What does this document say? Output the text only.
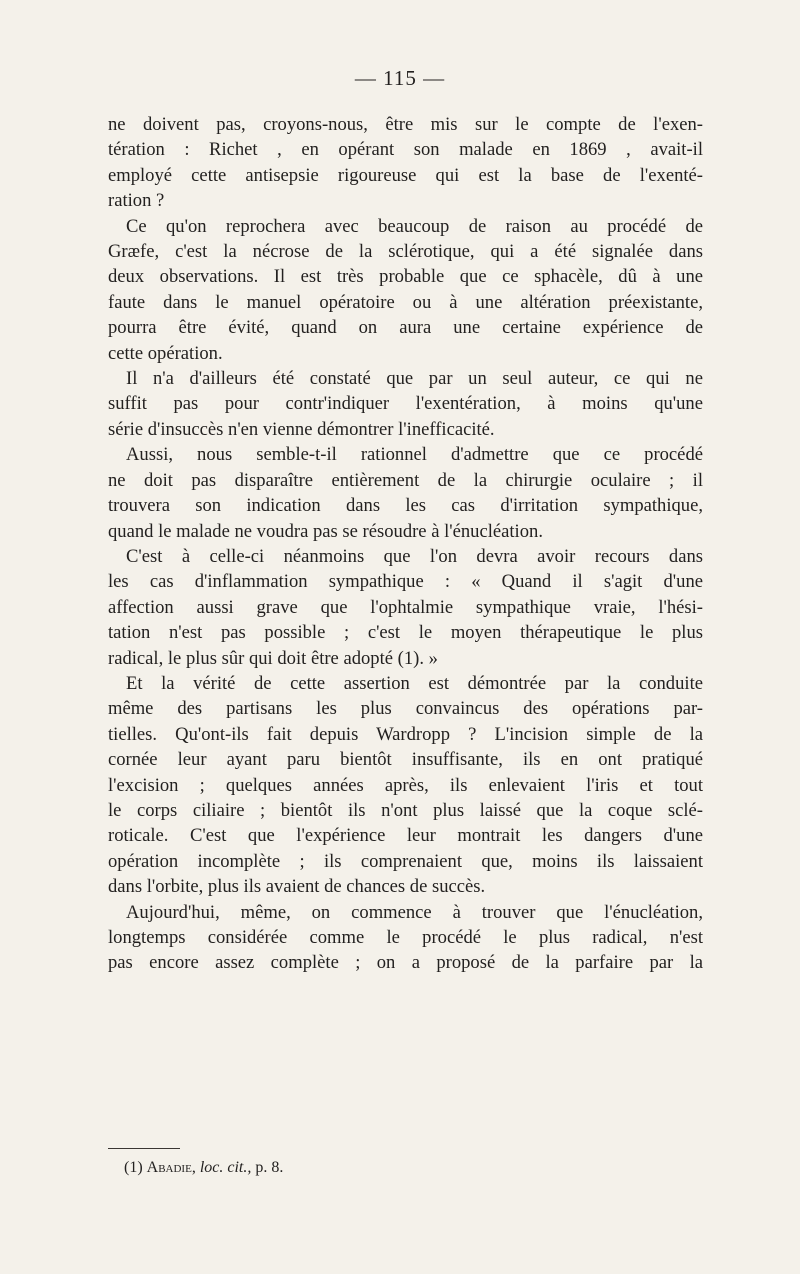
— 115 —
ne doivent pas, croyons-nous, être mis sur le compte de l'exen-
tération : Richet , en opérant son malade en 1869 , avait-il
employé cette antisepsie rigoureuse qui est la base de l'exenté-
ration ?
Ce qu'on reprochera avec beaucoup de raison au procédé de
Græfe, c'est la nécrose de la sclérotique, qui a été signalée dans
deux observations. Il est très probable que ce sphacèle, dû à une
faute dans le manuel opératoire ou à une altération préexistante,
pourra être évité, quand on aura une certaine expérience de
cette opération.
Il n'a d'ailleurs été constaté que par un seul auteur, ce qui ne
suffit pas pour contr'indiquer l'exentération, à moins qu'une
série d'insuccès n'en vienne démontrer l'inefficacité.
Aussi, nous semble-t-il rationnel d'admettre que ce procédé
ne doit pas disparaître entièrement de la chirurgie oculaire ; il
trouvera son indication dans les cas d'irritation sympathique,
quand le malade ne voudra pas se résoudre à l'énucléation.
C'est à celle-ci néanmoins que l'on devra avoir recours dans
les cas d'inflammation sympathique : « Quand il s'agit d'une
affection aussi grave que l'ophtalmie sympathique vraie, l'hési-
tation n'est pas possible ; c'est le moyen thérapeutique le plus
radical, le plus sûr qui doit être adopté (1). »
Et la vérité de cette assertion est démontrée par la conduite
même des partisans les plus convaincus des opérations par-
tielles. Qu'ont-ils fait depuis Wardropp ? L'incision simple de la
cornée leur ayant paru bientôt insuffisante, ils en ont pratiqué
l'excision ; quelques années après, ils enlevaient l'iris et tout
le corps ciliaire ; bientôt ils n'ont plus laissé que la coque sclé-
roticale. C'est que l'expérience leur montrait les dangers d'une
opération incomplète ; ils comprenaient que, moins ils laissaient
dans l'orbite, plus ils avaient de chances de succès.
Aujourd'hui, même, on commence à trouver que l'énucléation,
longtemps considérée comme le procédé le plus radical, n'est
pas encore assez complète ; on a proposé de la parfaire par la
(1) Abadie, loc. cit., p. 8.
